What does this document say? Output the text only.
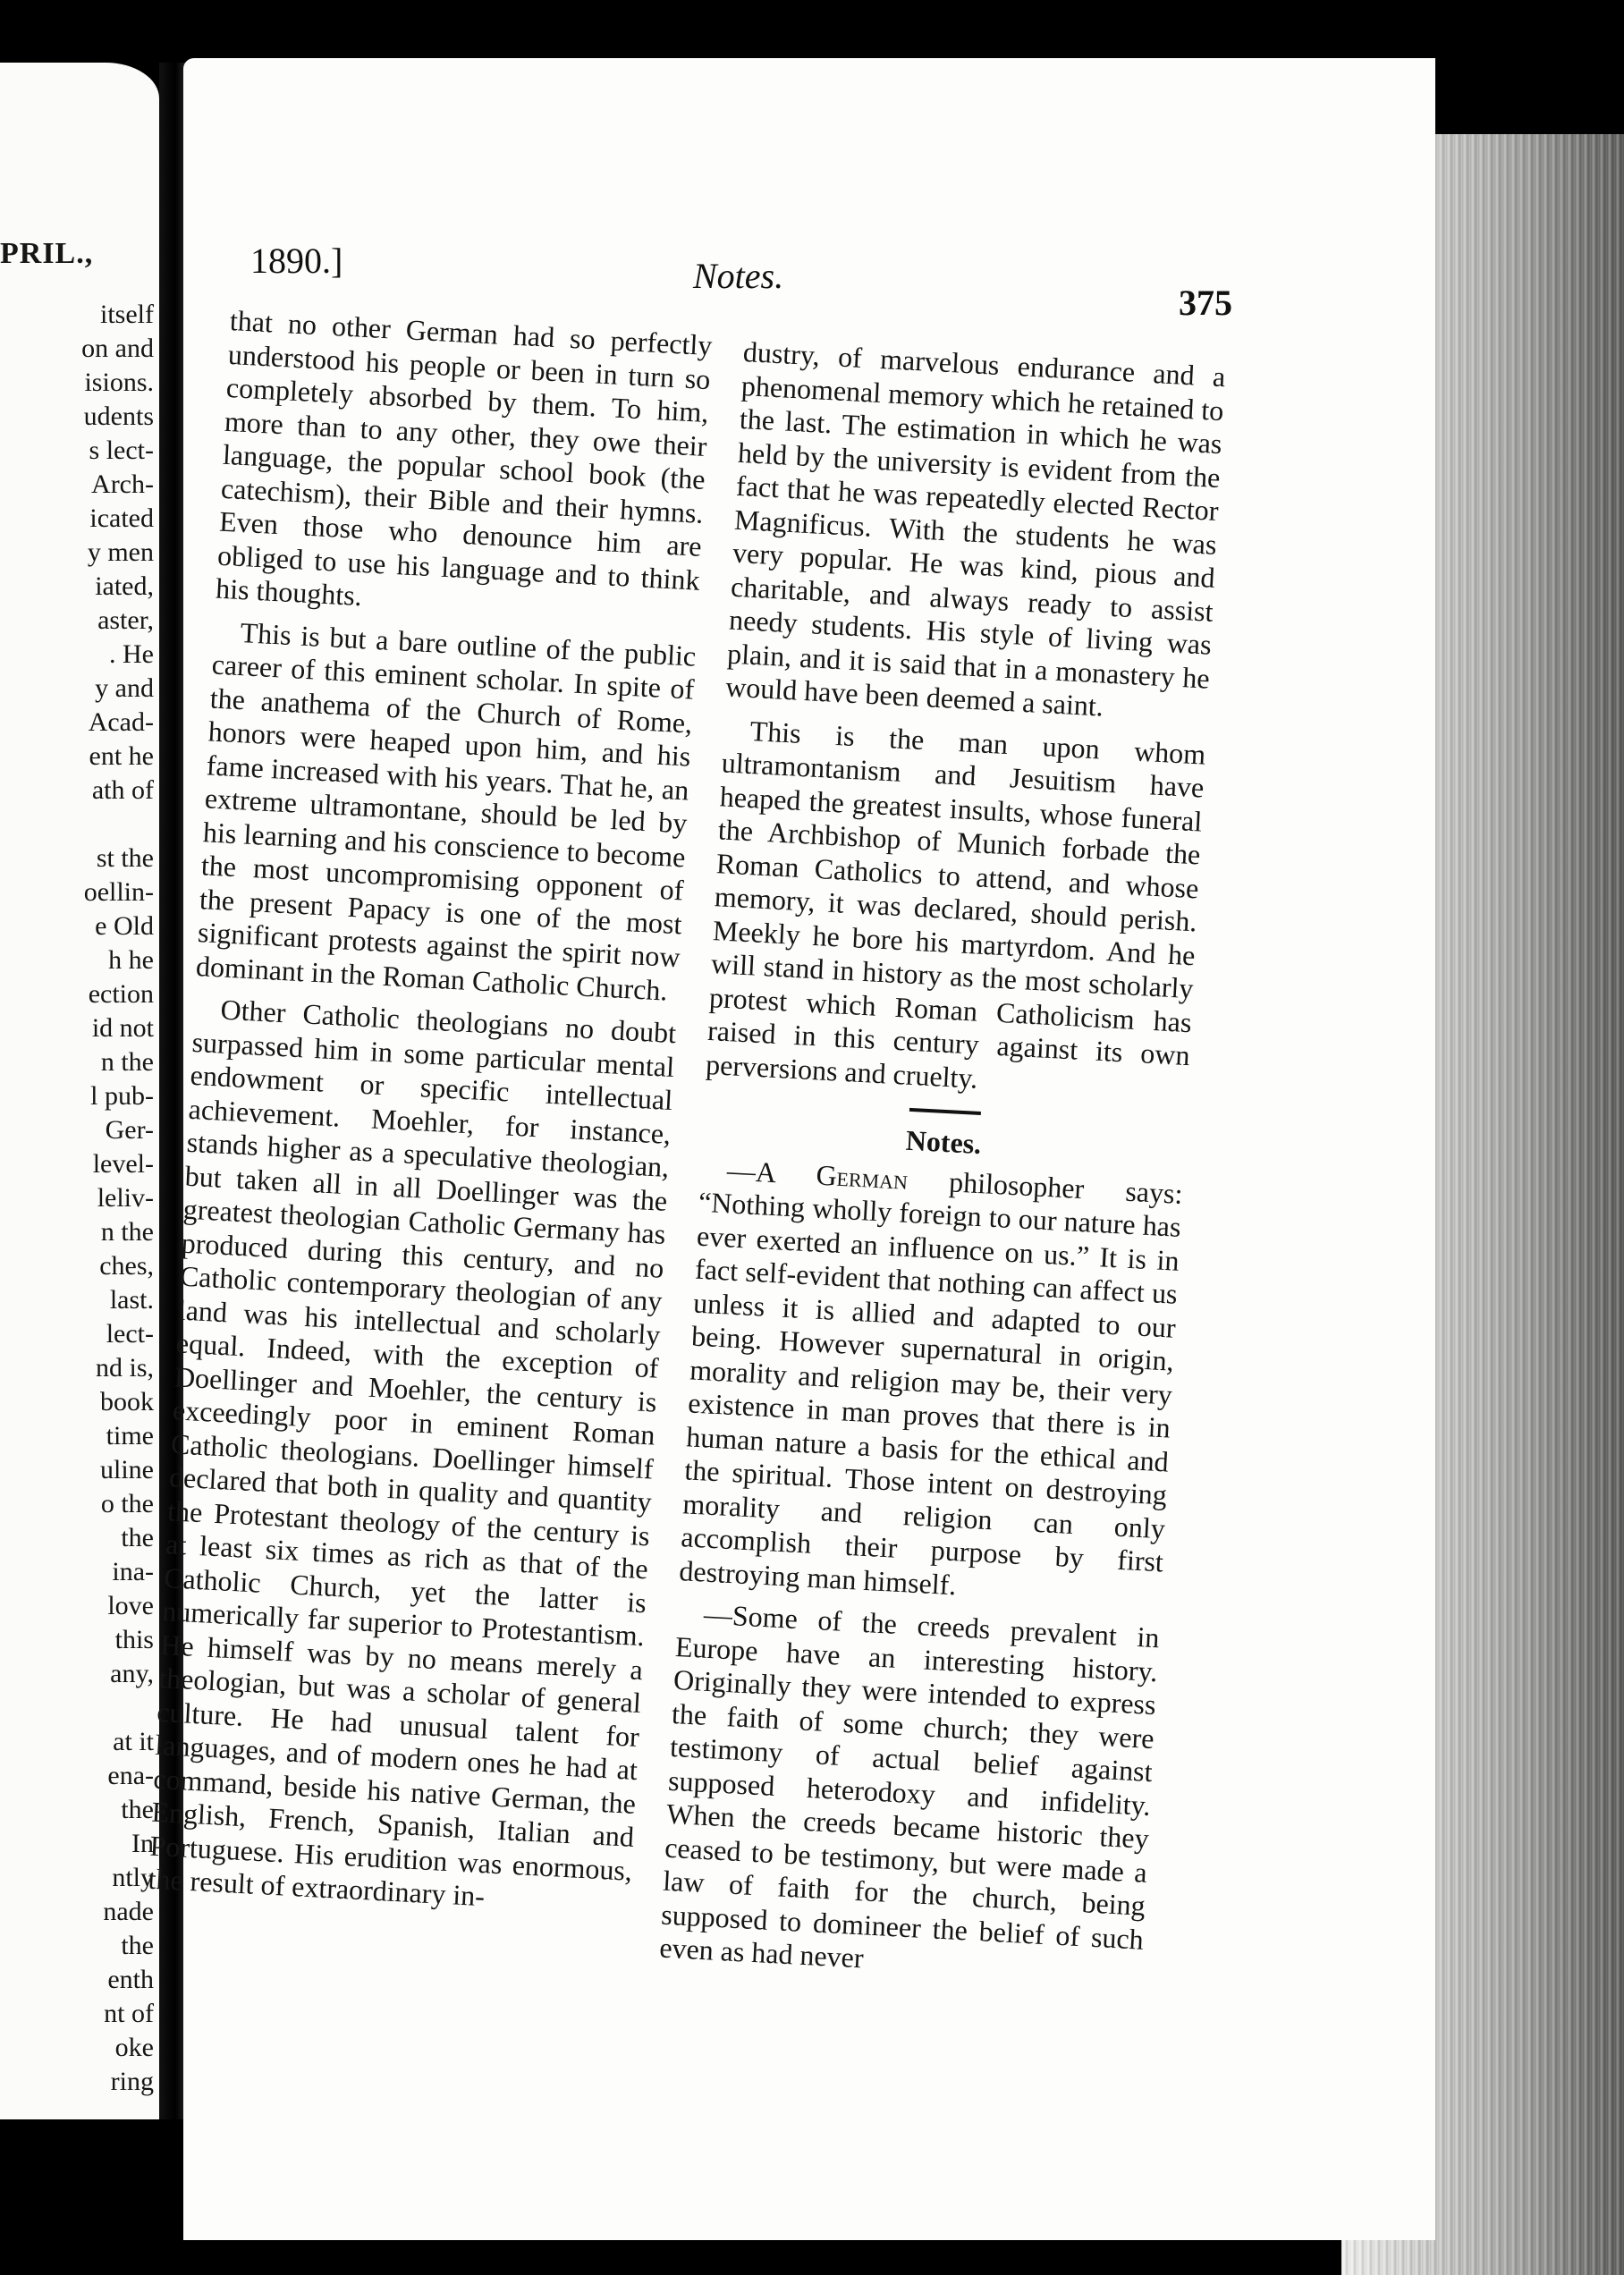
PRIL.,
itself
on and
isions.
udents
s lect-
Arch-
icated
y men
iated,
aster,
. He
y and
Acad-
ent he
ath of
st the
oellin-
e Old
h he
ection
id not
n the
l pub-
Ger-
level-
leliv-
n the
ches,
last.
lect-
nd is,
book
time
uline
o the
the
ina-
love
this
any,
at it
ena-
the
In
ntly
nade
the
enth
nt of
oke
ring
1890.]	Notes.
375

that no other German had so perfectly understood his people or been in turn so completely absorbed by them. To him, more than to any other, they owe their language, the popular school book (the catechism), their Bible and their hymns. Even those who denounce him are obliged to use his language and to think his thoughts.

This is but a bare outline of the public career of this eminent scholar. In spite of the anathema of the Church of Rome, honors were heaped upon him, and his fame increased with his years. That he, an extreme ultramontane, should be led by his learning and his conscience to become the most uncompromising opponent of the present Papacy is one of the most significant protests against the spirit now dominant in the Roman Catholic Church.

Other Catholic theologians no doubt surpassed him in some particular mental endowment or specific intellectual achievement. Moehler, for instance, stands higher as a speculative theologian, but taken all in all Doellinger was the greatest theologian Catholic Germany has produced during this century, and no Catholic contemporary theologian of any land was his intellectual and scholarly equal. Indeed, with the exception of Doellinger and Moehler, the century is exceedingly poor in eminent Roman Catholic theologians. Doellinger himself declared that both in quality and quantity the Protestant theology of the century is at least six times as rich as that of the Catholic Church, yet the latter is numerically far superior to Protestantism. He himself was by no means merely a theologian, but was a scholar of general culture. He had unusual talent for languages, and of modern ones he had at command, beside his native German, the English, French, Spanish, Italian and Portuguese. His erudition was enormous, the result of extraordinary in-

dustry, of marvelous endurance and a phenomenal memory which he retained to the last. The estimation in which he was held by the university is evident from the fact that he was repeatedly elected Rector Magnificus. With the students he was very popular. He was kind, pious and charitable, and always ready to assist needy students. His style of living was plain, and it is said that in a monastery he would have been deemed a saint.

This is the man upon whom ultramontanism and Jesuitism have heaped the greatest insults, whose funeral the Archbishop of Munich forbade the Roman Catholics to attend, and whose memory, it was declared, should perish. Meekly he bore his martyrdom. And he will stand in history as the most scholarly protest which Roman Catholicism has raised in this century against its own perversions and cruelty.

Notes.

—A German philosopher says: “Nothing wholly foreign to our nature has ever exerted an influence on us.” It is in fact self-evident that nothing can affect us unless it is allied and adapted to our being. However supernatural in origin, morality and religion may be, their very existence in man proves that there is in human nature a basis for the ethical and the spiritual. Those intent on destroying morality and religion can only accomplish their purpose by first destroying man himself.

—Some of the creeds prevalent in Europe have an interesting history. Originally they were intended to express the faith of some church; they were testimony of actual belief against supposed heterodoxy and infidelity. When the creeds became historic they ceased to be testimony, but were made a law of faith for the church, being supposed to domineer the belief of such even as had never
